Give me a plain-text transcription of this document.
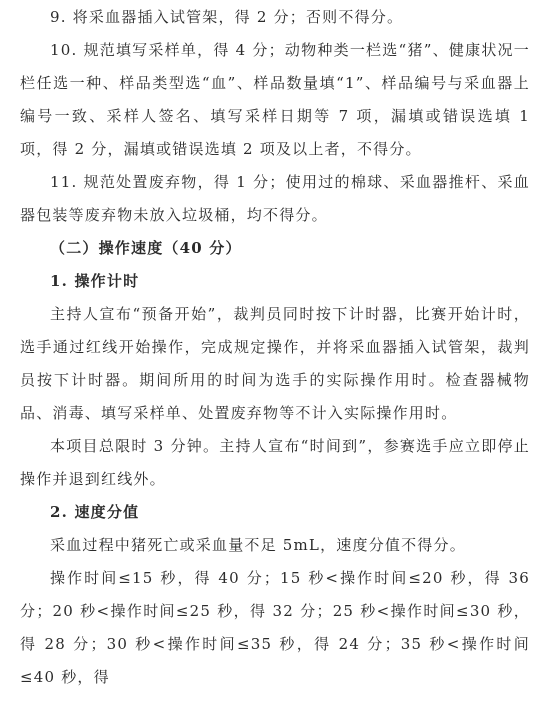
9. 将采血器插入试管架，得 2 分；否则不得分。

10. 规范填写采样单，得 4 分；动物种类一栏选“猪”、健康状况一栏任选一种、样品类型选“血”、样品数量填“1”、样品编号与采血器上编号一致、采样人签名、填写采样日期等 7 项，漏填或错误选填 1 项，得 2 分，漏填或错误选填 2 项及以上者，不得分。

11. 规范处置废弃物，得 1 分；使用过的棉球、采血器推杆、采血器包装等废弃物未放入垃圾桶，均不得分。

（二）操作速度（40 分）

1. 操作计时

主持人宣布“预备开始”，裁判员同时按下计时器，比赛开始计时，选手通过红线开始操作，完成规定操作，并将采血器插入试管架，裁判员按下计时器。期间所用的时间为选手的实际操作用时。检查器械物品、消毒、填写采样单、处置废弃物等不计入实际操作用时。

本项目总限时 3 分钟。主持人宣布“时间到”，参赛选手应立即停止操作并退到红线外。

2. 速度分值

采血过程中猪死亡或采血量不足 5mL，速度分值不得分。

操作时间≤15 秒，得 40 分；15 秒<操作时间≤20 秒，得 36 分；20 秒<操作时间≤25 秒，得 32 分；25 秒<操作时间≤30 秒，得 28 分；30 秒<操作时间≤35 秒，得 24 分；35 秒<操作时间≤40 秒，得
